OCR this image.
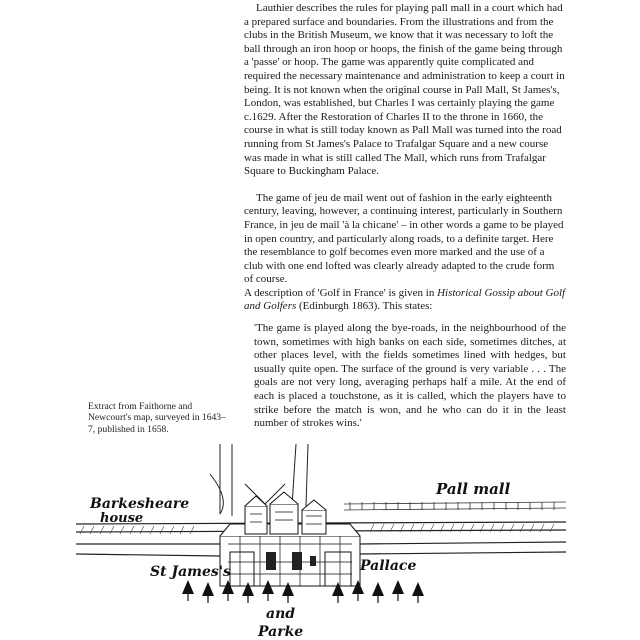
Lauthier describes the rules for playing pall mall in a court which had a prepared surface and boundaries. From the illustrations and from the clubs in the British Museum, we know that it was necessary to loft the ball through an iron hoop or hoops, the finish of the game being through a 'passe' or hoop. The game was apparently quite complicated and required the necessary maintenance and administration to keep a court in being. It is not known when the original course in Pall Mall, St James's, London, was established, but Charles I was certainly playing the game c.1629. After the Restoration of Charles II to the throne in 1660, the course in what is still today known as Pall Mall was turned into the road running from St James's Palace to Trafalgar Square and a new course was made in what is still called The Mall, which runs from Trafalgar Square to Buckingham Palace.

The game of jeu de mail went out of fashion in the early eighteenth century, leaving, however, a continuing interest, particularly in Southern France, in jeu de mail 'à la chicane' – in other words a game to be played in open country, and particularly along roads, to a definite target. Here the resemblance to golf becomes even more marked and the use of a club with one end lofted was clearly already adapted to the crude form of course.

A description of 'Golf in France' is given in Historical Gossip about Golf and Golfers (Edinburgh 1863). This states:

'The game is played along the bye-roads, in the neighbourhood of the town, sometimes with high banks on each side, sometimes ditches, at other places level, with the fields sometimes lined with hedges, but usually quite open. The surface of the ground is very variable . . . The goals are not very long, averaging perhaps half a mile. At the end of each is placed a touchstone, as it is called, which the players have to strike before the match is won, and he who can do it in the least number of strokes wins.'

Extract from Faithorne and Newcourt's map, surveyed in 1643–7, published in 1658.
Barkesheare
house
Pall mall
St James's	Pallace
and
Parke
